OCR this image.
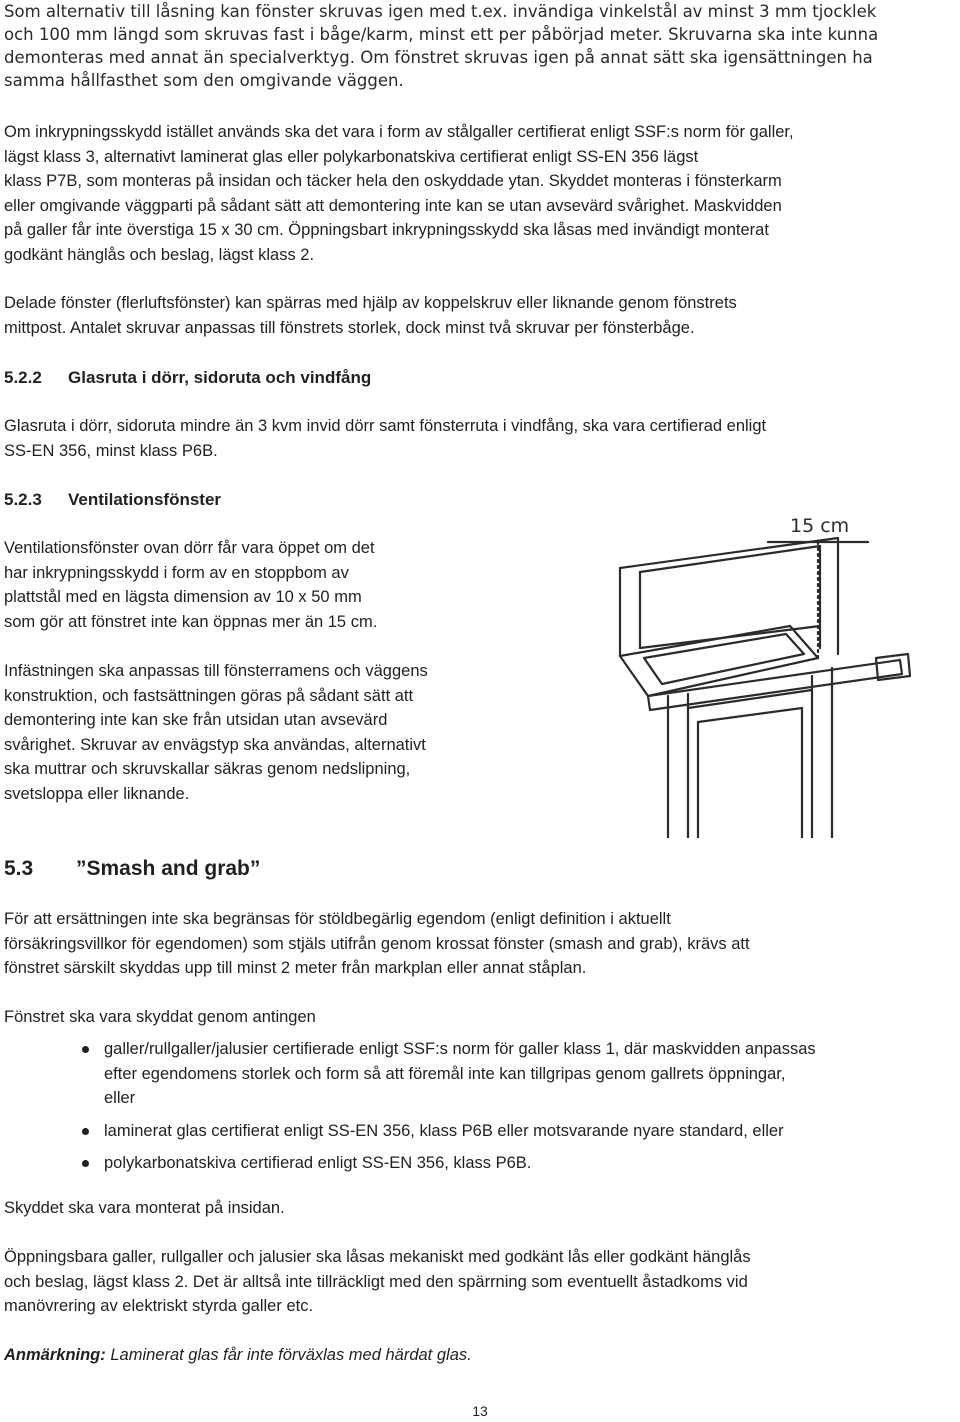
Som alternativ till låsning kan fönster skruvas igen med t.ex. invändiga vinkelstål av minst 3 mm tjocklek
och 100 mm längd som skruvas fast i båge/karm, minst ett per påbörjad meter. Skruvarna ska inte kunna
demonteras med annat än specialverktyg. Om fönstret skruvas igen på annat sätt ska igensättningen ha
samma hållfasthet som den omgivande väggen.

Om inkrypningsskydd istället används ska det vara i form av stålgaller certifierat enligt SSF:s norm för galler,
lägst klass 3, alternativt laminerat glas eller polykarbonatskiva certifierat enligt SS-EN 356 lägst
klass P7B, som monteras på insidan och täcker hela den oskyddade ytan. Skyddet monteras i fönsterkarm
eller omgivande väggparti på sådant sätt att demontering inte kan se utan avsevärd svårighet. Maskvidden
på galler får inte överstiga 15 x 30 cm. Öppningsbart inkrypningsskydd ska låsas med invändigt monterat
godkänt hänglås och beslag, lägst klass 2.

Delade fönster (flerluftsfönster) kan spärras med hjälp av koppelskruv eller liknande genom fönstrets
mittpost. Antalet skruvar anpassas till fönstrets storlek, dock minst två skruvar per fönsterbåge.

5.2.2 Glasruta i dörr, sidoruta och vindfång

Glasruta i dörr, sidoruta mindre än 3 kvm invid dörr samt fönsterruta i vindfång, ska vara certifierad enligt
SS-EN 356, minst klass P6B.

5.2.3 Ventilationsfönster

Ventilationsfönster ovan dörr får vara öppet om det
har inkrypningsskydd i form av en stoppbom av
plattstål med en lägsta dimension av 10 x 50 mm
som gör att fönstret inte kan öppnas mer än 15 cm.

Infästningen ska anpassas till fönsterramens och väggens
konstruktion, och fastsättningen göras på sådant sätt att
demontering inte kan ske från utsidan utan avsevärd
svårighet. Skruvar av envägstyp ska användas, alternativt
ska muttrar och skruvskallar säkras genom nedslipning,
svetsloppa eller liknande.

15 cm
5.3 ”Smash and grab”

För att ersättningen inte ska begränsas för stöldbegärlig egendom (enligt definition i aktuellt
försäkringsvillkor för egendomen) som stjäls utifrån genom krossat fönster (smash and grab), krävs att
fönstret särskilt skyddas upp till minst 2 meter från markplan eller annat ståplan.

Fönstret ska vara skyddat genom antingen

galler/rullgaller/jalusier certifierade enligt SSF:s norm för galler klass 1, där maskvidden anpassas
efter egendomens storlek och form så att föremål inte kan tillgripas genom gallrets öppningar,
eller
laminerat glas certifierat enligt SS-EN 356, klass P6B eller motsvarande nyare standard, eller
polykarbonatskiva certifierad enligt SS-EN 356, klass P6B.

Skyddet ska vara monterat på insidan.

Öppningsbara galler, rullgaller och jalusier ska låsas mekaniskt med godkänt lås eller godkänt hänglås
och beslag, lägst klass 2. Det är alltså inte tillräckligt med den spärrning som eventuellt åstadkoms vid
manövrering av elektriskt styrda galler etc.

Anmärkning: Laminerat glas får inte förväxlas med härdat glas.

13
